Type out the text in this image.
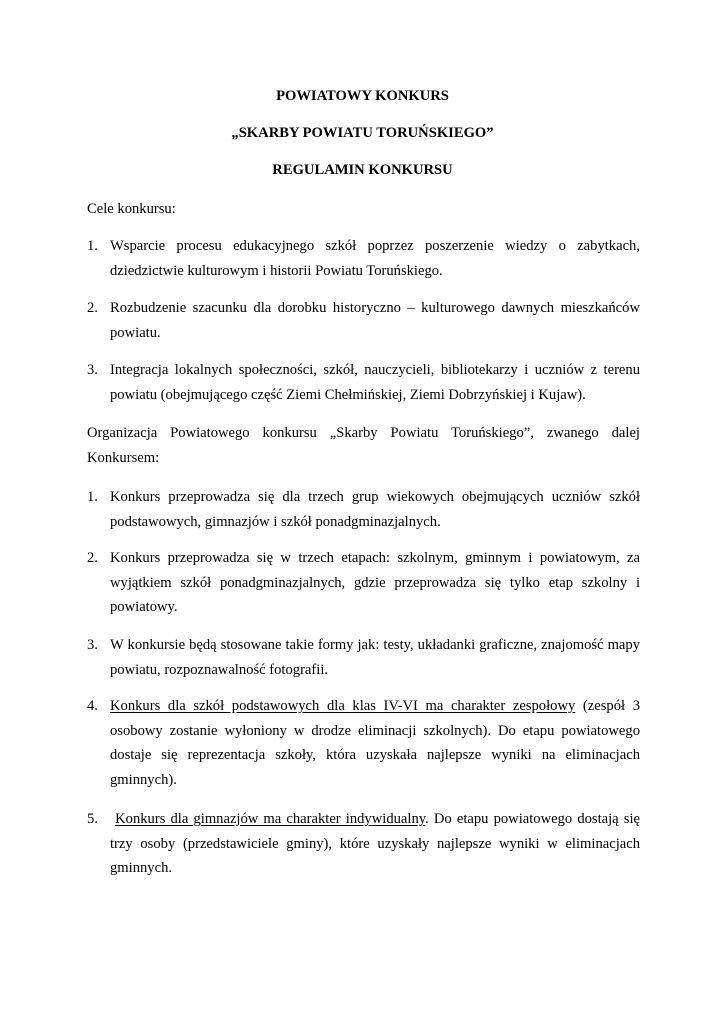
POWIATOWY KONKURS
„SKARBY POWIATU TORUŃSKIEGO”
REGULAMIN KONKURSU
Cele konkursu:
1. Wsparcie procesu edukacyjnego szkół poprzez poszerzenie wiedzy o zabytkach, dziedzictwie kulturowym i historii Powiatu Toruńskiego.
2. Rozbudzenie szacunku dla dorobku historyczno – kulturowego dawnych mieszkańców powiatu.
3. Integracja lokalnych społeczności, szkół, nauczycieli, bibliotekarzy i uczniów z terenu powiatu (obejmującego część Ziemi Chełmińskiej, Ziemi Dobrzyńskiej i Kujaw).
Organizacja Powiatowego konkursu „Skarby Powiatu Toruńskiego”, zwanego dalej Konkursem:
1. Konkurs przeprowadza się dla trzech grup wiekowych obejmujących uczniów szkół podstawowych, gimnazjów i szkół ponadgminazjalnych.
2. Konkurs przeprowadza się w trzech etapach: szkolnym, gminnym i powiatowym, za wyjątkiem szkół ponadgminazjalnych, gdzie przeprowadza się tylko etap szkolny i powiatowy.
3. W konkursie będą stosowane takie formy jak: testy, układanki graficzne, znajomość mapy powiatu, rozpoznawalność fotografii.
4. Konkurs dla szkół podstawowych dla klas IV-VI ma charakter zespołowy (zespół 3 osobowy zostanie wyłoniony w drodze eliminacji szkolnych). Do etapu powiatowego dostaje się reprezentacja szkoły, która uzyskała najlepsze wyniki na eliminacjach gminnych).
5.	Konkurs dla gimnazjów ma charakter indywidualny. Do etapu powiatowego dostają się trzy osoby (przedstawiciele gminy), które uzyskały najlepsze wyniki w eliminacjach gminnych.
